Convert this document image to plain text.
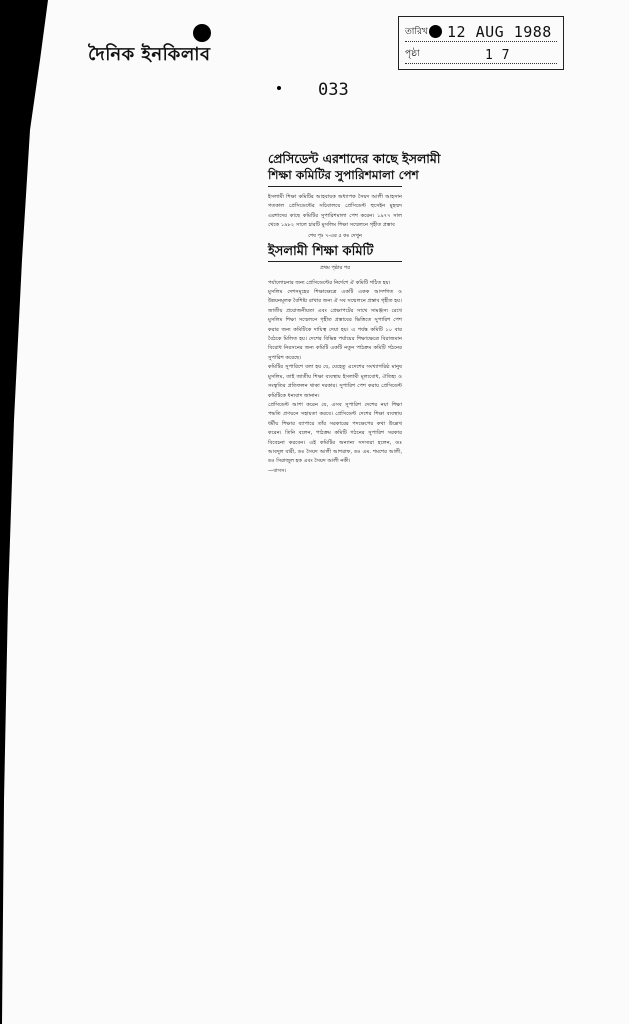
দৈনিক ইনকিলাব
033
তারিখ 12 AUG 1988
পৃষ্ঠা	1 7
প্রেসিডেন্ট এরশাদের কাছে ইসলামী
শিক্ষা কমিটির সুপারিশমালা পেশ

ইসলামী শিক্ষা কমিটির আহবায়ক অধ্যাপক সৈয়দ আলী আহসান গতকাল প্রেসিডেন্টের সচিবালয়ে প্রেসিডেন্ট হুসেইন মুহম্মদ এরশাদের কাছে কমিটির সুপারিশমালা পেশ করেন। ১৯৭৭ সাল থেকে ১৯৮২ সালে চারটি মুসলিম শিক্ষা সম্মেলনে গৃহীত প্রস্তাব

শেষ পৃঃ ৭-এর ৫ কঃ দেখুন
ইসলামী শিক্ষা কমিটি
প্রথম পৃষ্ঠার পর

পর্যালোচনার জন্য প্রেসিডেন্টের নির্দেশে ঐ কমিটি গঠিত হয়।

মুসলিম দেশসমূহের শিক্ষাক্ষেত্রে একটি একক আদর্শগত ও উন্নয়নমূলক বৈশিষ্ট্য রাখার জন্য ঐ সব সম্মেলনে প্রস্তাব গৃহীত হয়।

জাতীয় প্রয়োজনীয়তা এবং প্রেক্ষাপটের সাথে সামঞ্জস্য রেখে মুসলিম শিক্ষা সম্মেলনে গৃহীত প্রস্তাবের ভিত্তিতে সুপারিশ পেশ করার জন্য কমিটিকে দায়িত্ব দেয়া হয়। এ পর্যন্ত কমিটি ১০ বার বৈঠকে মিলিত হয়। দেশের বিভিন্ন পর্যায়ের শিক্ষাক্ষেত্রে বিরাজমান বিরোধ নিরসনের জন্য কমিটি একটি নতুন পাঠক্রম কমিটি গঠনের সুপারিশ করেছে।

কমিটির সুপারিশে বলা হয় যে, যেহেতু এদেশের সংখ্যাগরিষ্ঠ মানুষ মুসলিম, তাই জাতীয় শিক্ষা ব্যবস্থায় ইসলামী মূল্যবোধ, ঐতিহ্য ও সংস্কৃতির প্রতিফলন থাকা দরকার। সুপারিশ পেশ করায় প্রেসিডেন্ট কমিটিকে ধন্যবাদ জানান।

প্রেসিডেন্ট আশা করেন যে, এসব সুপারিশ দেশের নয়া শিক্ষা পদ্ধতি প্রণয়নে সহায়তা করবে। প্রেসিডেন্ট দেশের শিক্ষা ব্যবস্থায় ধর্মীয় শিক্ষার ব্যাপারে তাঁর সরকারের পদক্ষেপের কথা উল্লেখ করেন। তিনি বলেন, পাঠক্রম কমিটি গঠনের সুপারিশ সরকার বিবেচনা করবেন। এই কমিটির অন্যান্য সদস্যরা হলেন, ডঃ আবদুল বারী, ডঃ সৈয়দ আলী আশরাফ, ডঃ এম. শমশের আলী, ডঃ সিরাজুল হক এবং সৈয়দ আলী নকী।

—বাসস।
